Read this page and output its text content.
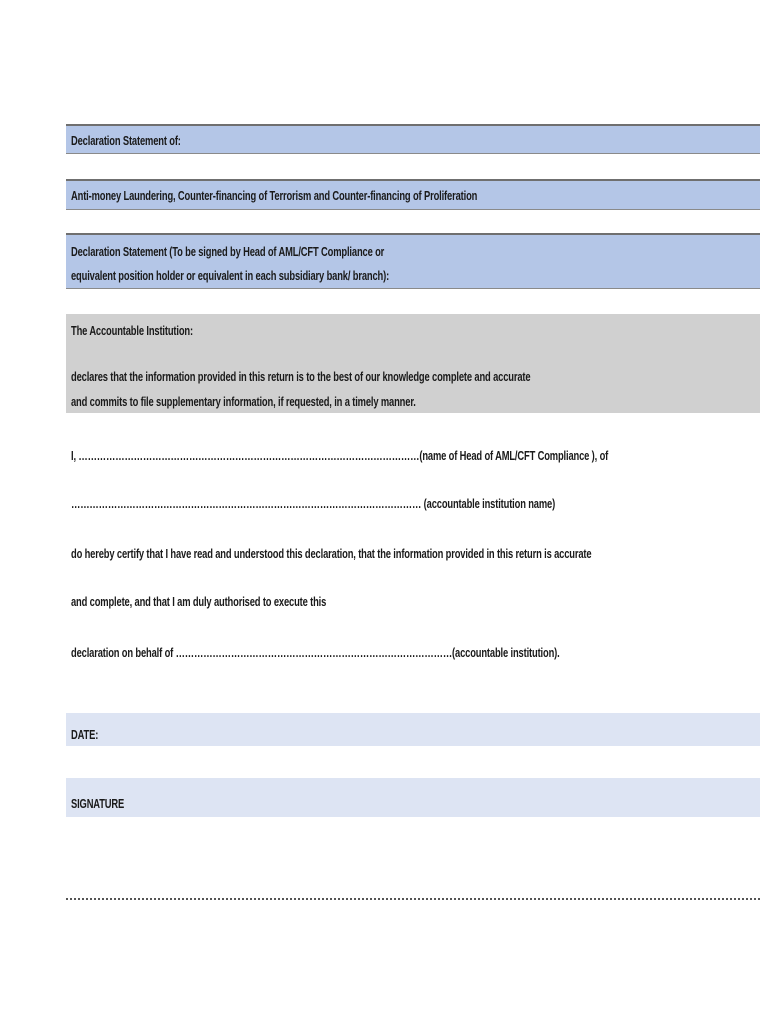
Declaration Statement of:
Anti-money Laundering, Counter-financing of Terrorism and Counter-financing of Proliferation
Declaration Statement (To be signed by Head of AML/CFT Compliance or
equivalent position holder or equivalent in each subsidiary bank/ branch):
The Accountable Institution:
declares that the information provided in this return is to the best of our knowledge complete and accurate
and commits to file supplementary information, if requested, in a timely manner.
I, …………………………………………………………………………………………………(name of Head of AML/CFT Compliance ), of
…………………………………………………………………………………………………… (accountable institution name)
do hereby certify that I have read and understood this declaration, that the information provided in this return is accurate
and complete, and that I am duly authorised to execute this
declaration on behalf of ………………………………………………………………………………(accountable institution).
DATE:
SIGNATURE
